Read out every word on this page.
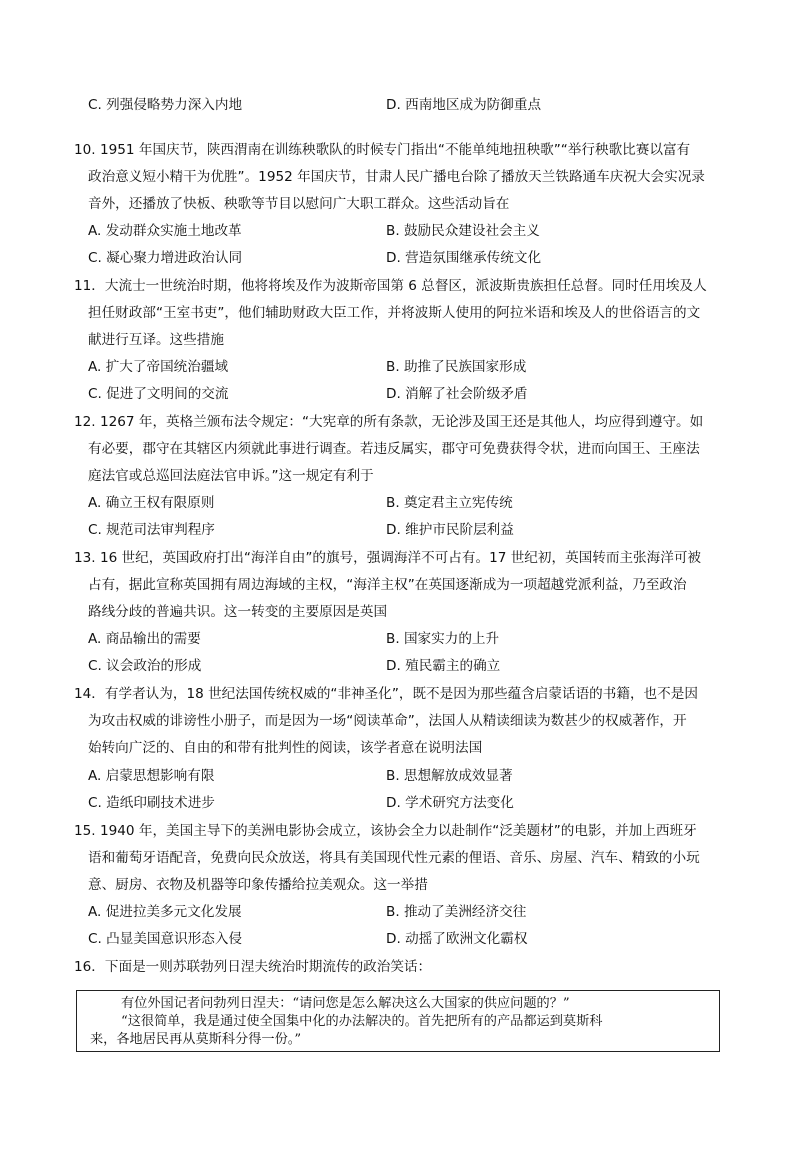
C. 列强侵略势力深入内地	D. 西南地区成为防御重点
10. 1951 年国庆节，陕西渭南在训练秧歌队的时候专门指出“不能单纯地扭秧歌”“举行秧歌比赛以富有
政治意义短小精干为优胜”。1952 年国庆节，甘肃人民广播电台除了播放天兰铁路通车庆祝大会实况录
音外，还播放了快板、秧歌等节目以慰问广大职工群众。这些活动旨在
A. 发动群众实施土地改革	B. 鼓励民众建设社会主义
C. 凝心聚力增进政治认同	D. 营造氛围继承传统文化
11．大流士一世统治时期，他将将埃及作为波斯帝国第 6 总督区，派波斯贵族担任总督。同时任用埃及人
担任财政部“王室书吏”，他们辅助财政大臣工作，并将波斯人使用的阿拉米语和埃及人的世俗语言的文
献进行互译。这些措施
A. 扩大了帝国统治疆域	B. 助推了民族国家形成
C. 促进了文明间的交流	D. 消解了社会阶级矛盾
12. 1267 年，英格兰颁布法令规定：“大宪章的所有条款，无论涉及国王还是其他人，均应得到遵守。如
有必要，郡守在其辖区内须就此事进行调查。若违反属实，郡守可免费获得令状，进而向国王、王座法
庭法官或总巡回法庭法官申诉。”这一规定有利于
A. 确立王权有限原则	B. 奠定君主立宪传统
C. 规范司法审判程序	D. 维护市民阶层利益
13. 16 世纪，英国政府打出“海洋自由”的旗号，强调海洋不可占有。17 世纪初，英国转而主张海洋可被
占有，据此宣称英国拥有周边海域的主权，“海洋主权”在英国逐渐成为一项超越党派利益，乃至政治
路线分歧的普遍共识。这一转变的主要原因是英国
A. 商品输出的需要	B. 国家实力的上升
C. 议会政治的形成	D. 殖民霸主的确立
14．有学者认为，18 世纪法国传统权威的“非神圣化”，既不是因为那些蕴含启蒙话语的书籍，也不是因
为攻击权威的诽谤性小册子，而是因为一场“阅读革命”，法国人从精读细读为数甚少的权威著作，开
始转向广泛的、自由的和带有批判性的阅读，该学者意在说明法国
A. 启蒙思想影响有限	B. 思想解放成效显著
C. 造纸印刷技术进步	D. 学术研究方法变化
15. 1940 年，美国主导下的美洲电影协会成立，该协会全力以赴制作“泛美题材”的电影，并加上西班牙
语和葡萄牙语配音，免费向民众放送，将具有美国现代性元素的俚语、音乐、房屋、汽车、精致的小玩
意、厨房、衣物及机器等印象传播给拉美观众。这一举措
A. 促进拉美多元文化发展	B. 推动了美洲经济交往
C. 凸显美国意识形态入侵	D. 动摇了欧洲文化霸权
16．下面是一则苏联勃列日涅夫统治时期流传的政治笑话：
有位外国记者问勃列日涅夫：“请问您是怎么解决这么大国家的供应问题的？”
“这很简单，我是通过使全国集中化的办法解决的。首先把所有的产品都运到莫斯科
来，各地居民再从莫斯科分得一份。”
